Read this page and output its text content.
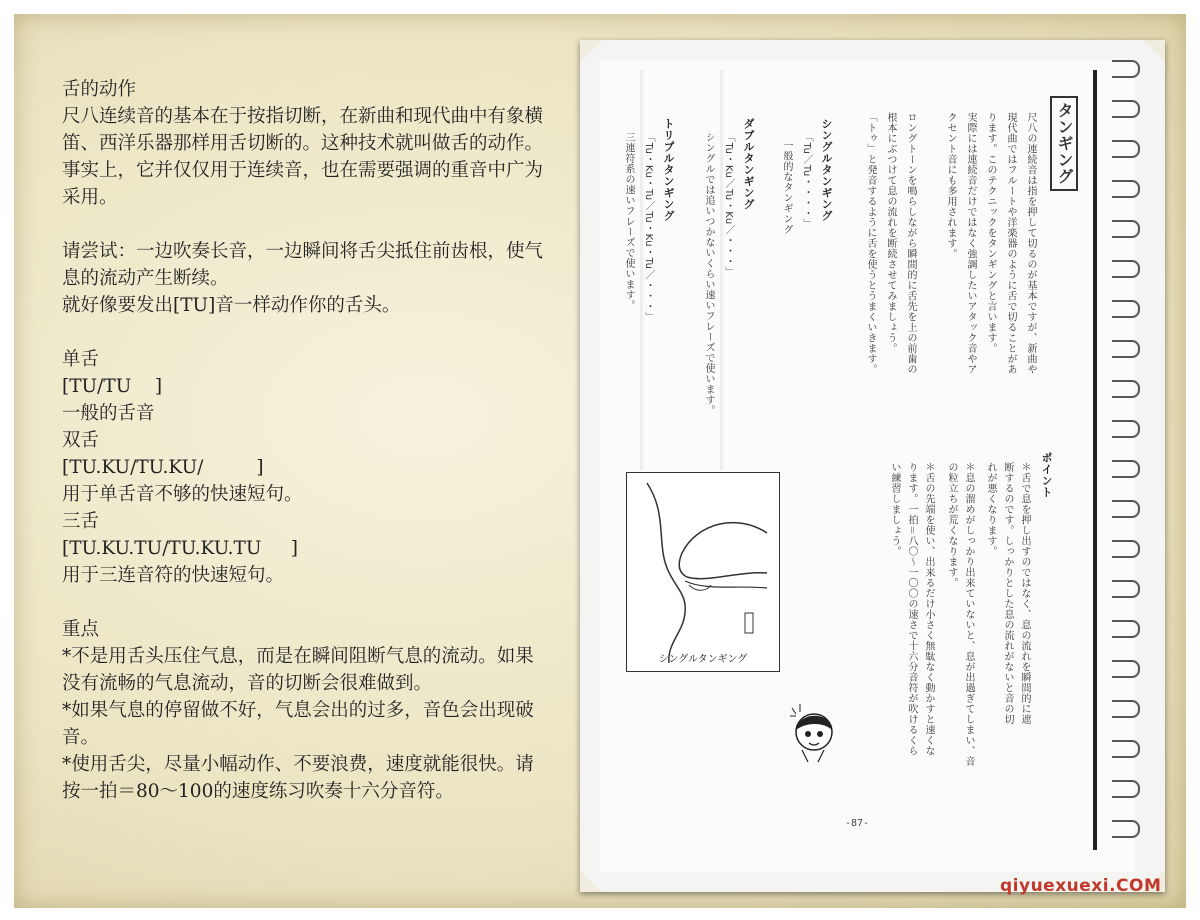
舌的动作

尺八连续音的基本在于按指切断，在新曲和现代曲中有象横笛、西洋乐器那样用舌切断的。这种技术就叫做舌的动作。

事实上，它并仅仅用于连续音，也在需要强调的重音中广为采用。

请尝试：一边吹奏长音，一边瞬间将舌尖抵住前齿根，使气息的流动产生断续。

就好像要发出[TU]音一样动作你的舌头。

单舌

[TU/TU    ]

一般的舌音

双舌

[TU.KU/TU.KU/         ]

用于单舌音不够的快速短句。

三舌

[TU.KU.TU/TU.KU.TU     ]

用于三连音符的快速短句。

重点

*不是用舌头压住气息，而是在瞬间阻断气息的流动。如果没有流畅的气息流动，音的切断会很难做到。

*如果气息的停留做不好，气息会出的过多，音色会出现破音。

*使用舌尖，尽量小幅动作、不要浪费，速度就能很快。请按一拍＝80～100的速度练习吹奏十六分音符。

タンギング
尺八の連続音は指を押して切るのが基本ですが、新曲や
現代曲ではフルートや洋楽器のように舌で切ることがあ
ります。このテクニックをタンギングと言います。
実際には連続音だけではなく強調したいアタック音やア
クセント音にも多用されます。
ロングトーンを鳴らしながら瞬間的に舌先を上の前歯の
根本にぶつけて息の流れを断続させてみましょう。
「トゥ」と発音するように舌を使うとうまくいきます。
シングルタンギング
「Tu／Tu・・・・」
一般的なタンギング
ダブルタンギング
「Tu・Ku／Tu・Ku／・・・」
シングルでは追いつかないくらい速いフレーズで使います。
トリプルタンギング
「Tu・Ku・Tu／Tu・Ku・Tu／・・・」
三連符系の速いフレーズで使います。
ポイント
＊舌で息を押し出すのではなく、息の流れを瞬間的に遮
断するのです。しっかりとした息の流れがないと音の切
れが悪くなります。
＊息の溜めがしっかり出来ていないと、息が出過ぎてしまい、音
の粒立ちが荒くなります。
＊舌の先端を使い、出来るだけ小さく無駄なく動かすと速くな
ります。一拍＝八〇～一〇〇の速さで十六分音符が吹けるくら
い練習しましょう。
シングルタンギング
-87-
qiyuexuexi.COM
